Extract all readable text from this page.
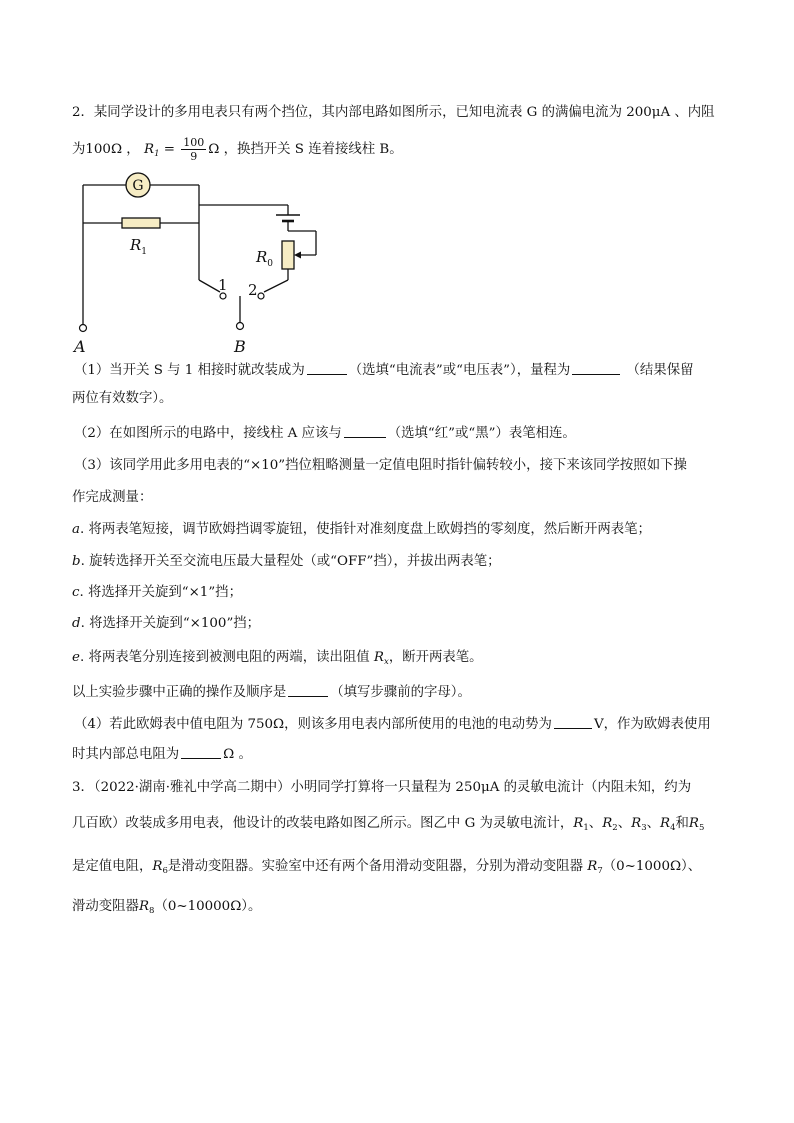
2．某同学设计的多用电表只有两个挡位，其内部电路如图所示，已知电流表 G 的满偏电流为 200μA 、内阻
为100Ω ， $R_1 = \frac{100}{9}$ Ω ，换挡开关 S 连着接线柱 B。
G
$R_1$	$R_0$
1 2
A	B
（1）当开关 S 与 1 相接时就改装成为	（选填“电流表”或“电压表”），量程为	（结果保留
两位有效数字）。
（2）在如图所示的电路中，接线柱 A 应该与	（选填“红”或“黑”）表笔相连。
（3）该同学用此多用电表的“×10”挡位粗略测量一定值电阻时指针偏转较小，接下来该同学按照如下操
作完成测量：
a. 将两表笔短接，调节欧姆挡调零旋钮，使指针对准刻度盘上欧姆挡的零刻度，然后断开两表笔；
b. 旋转选择开关至交流电压最大量程处（或“OFF”挡），并拔出两表笔；
c. 将选择开关旋到“×1”挡；
d. 将选择开关旋到“×100”挡；
e. 将两表笔分别连接到被测电阻的两端，读出阻值 $R_x$，断开两表笔。
以上实验步骤中正确的操作及顺序是	（填写步骤前的字母）。
（4）若此欧姆表中值电阻为 750Ω，则该多用电表内部所使用的电池的电动势为	V，作为欧姆表使用
时其内部总电阻为	Ω 。
3．（2022·湖南·雅礼中学高二期中）小明同学打算将一只量程为 250μA 的灵敏电流计（内阻未知，约为
几百欧）改装成多用电表，他设计的改装电路如图乙所示。图乙中 G 为灵敏电流计，$R_1$、$R_2$、$R_3$、$R_4$和$R_5$
是定值电阻，$R_6$是滑动变阻器。实验室中还有两个备用滑动变阻器，分别为滑动变阻器 $R_7(0\sim 1000\Omega)$、
滑动变阻器$R_8(0\sim 10000\Omega)$。
